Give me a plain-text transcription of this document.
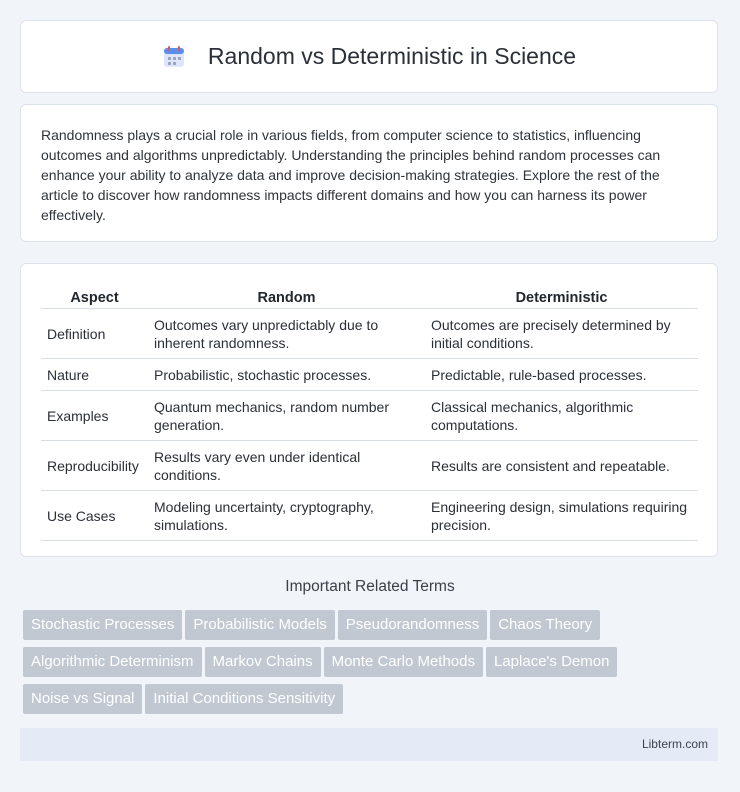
Random vs Deterministic in Science

Randomness plays a crucial role in various fields, from computer science to statistics, influencing outcomes and algorithms unpredictably. Understanding the principles behind random processes can enhance your ability to analyze data and improve decision-making strategies. Explore the rest of the article to discover how randomness impacts different domains and how you can harness its power effectively.

Aspect	Random	Deterministic
Definition	Outcomes vary unpredictably due to inherent randomness.	Outcomes are precisely determined by initial conditions.
Nature	Probabilistic, stochastic processes.	Predictable, rule-based processes.
Examples	Quantum mechanics, random number generation.	Classical mechanics, algorithmic computations.
Reproducibility	Results vary even under identical conditions.	Results are consistent and repeatable.
Use Cases	Modeling uncertainty, cryptography, simulations.	Engineering design, simulations requiring precision.
Important Related Terms
Stochastic Processes Probabilistic Models Pseudorandomness Chaos Theory
Algorithmic Determinism Markov Chains Monte Carlo Methods Laplace's Demon
Noise vs Signal Initial Conditions Sensitivity
Libterm.com
